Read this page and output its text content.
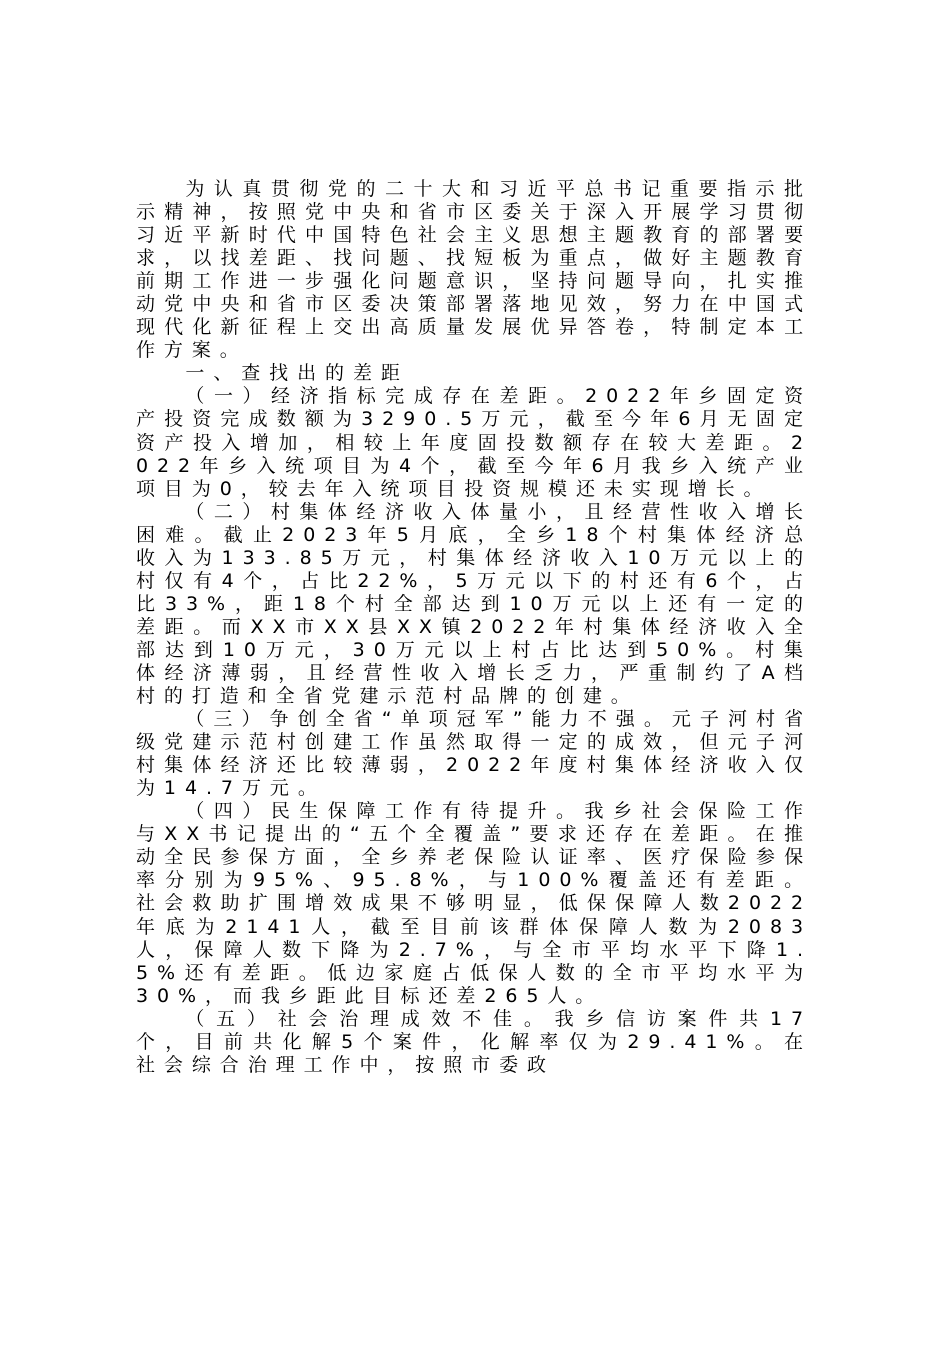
为认真贯彻党的二十大和习近平总书记重要指示批示精神，按照党中央和省市区委关于深入开展学习贯彻习近平新时代中国特色社会主义思想主题教育的部署要求，以找差距、找问题、找短板为重点，做好主题教育前期工作进一步强化问题意识，坚持问题导向，扎实推动党中央和省市区委决策部署落地见效，努力在中国式现代化新征程上交出高质量发展优异答卷，特制定本工作方案。

一、查找出的差距

（一）经济指标完成存在差距。2022年乡固定资产投资完成数额为3290.5万元，截至今年6月无固定资产投入增加，相较上年度固投数额存在较大差距。2022年乡入统项目为4个，截至今年6月我乡入统产业项目为0，较去年入统项目投资规模还未实现增长。

（二）村集体经济收入体量小，且经营性收入增长困难。截止2023年5月底，全乡18个村集体经济总收入为133.85万元，村集体经济收入10万元以上的村仅有4个，占比22%，5万元以下的村还有6个，占比33%，距18个村全部达到10万元以上还有一定的差距。而XX市XX县XX镇2022年村集体经济收入全部达到10万元，30万元以上村占比达到50%。村集体经济薄弱，且经营性收入增长乏力，严重制约了A档村的打造和全省党建示范村品牌的创建。

（三）争创全省“单项冠军”能力不强。元子河村省级党建示范村创建工作虽然取得一定的成效，但元子河村集体经济还比较薄弱，2022年度村集体经济收入仅为14.7万元。

（四）民生保障工作有待提升。我乡社会保险工作与XX书记提出的“五个全覆盖”要求还存在差距。在推动全民参保方面，全乡养老保险认证率、医疗保险参保率分别为95%、95.8%，与100%覆盖还有差距。社会救助扩围增效成果不够明显，低保保障人数2022年底为2141人，截至目前该群体保障人数为2083人，保障人数下降为2.7%，与全市平均水平下降1.5%还有差距。低边家庭占低保人数的全市平均水平为30%，而我乡距此目标还差265人。

（五）社会治理成效不佳。我乡信访案件共17个，目前共化解5个案件，化解率仅为29.41%。在社会综合治理工作中，按照市委政
